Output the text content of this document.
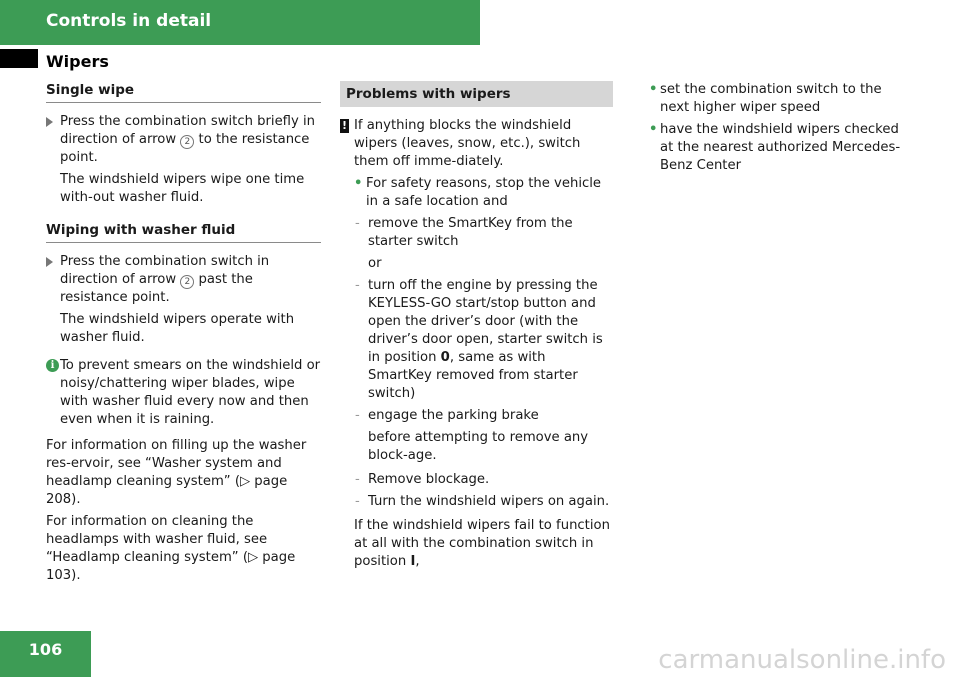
Controls in detail
Wipers
Single wipe
Press the combination switch briefly in direction of arrow 2 to the resistance point.
The windshield wipers wipe one time with-out washer fluid.
Wiping with washer fluid
Press the combination switch in direction of arrow 2 past the resistance point.
The windshield wipers operate with washer fluid.
i To prevent smears on the windshield or noisy/chattering wiper blades, wipe with washer fluid every now and then even when it is raining.

For information on filling up the washer res-ervoir, see “Washer system and headlamp cleaning system” (▷ page 208).

For information on cleaning the headlamps with washer fluid, see “Headlamp cleaning system” (▷ page 103).

Problems with wipers
! If anything blocks the windshield wipers (leaves, snow, etc.), switch them off imme-diately.
• For safety reasons, stop the vehicle in a safe location and
- remove the SmartKey from the starter switch
or
- turn off the engine by pressing the KEYLESS-GO start/stop button and open the driver’s door (with the driver’s door open, starter switch is in position 0, same as with SmartKey removed from starter switch)
- engage the parking brake
before attempting to remove any block-age.
- Remove blockage.
- Turn the windshield wipers on again.

If the windshield wipers fail to function at all with the combination switch in position I,

• set the combination switch to the next higher wiper speed
• have the windshield wipers checked at the nearest authorized Mercedes-Benz Center
106	carmanualsonline.info
